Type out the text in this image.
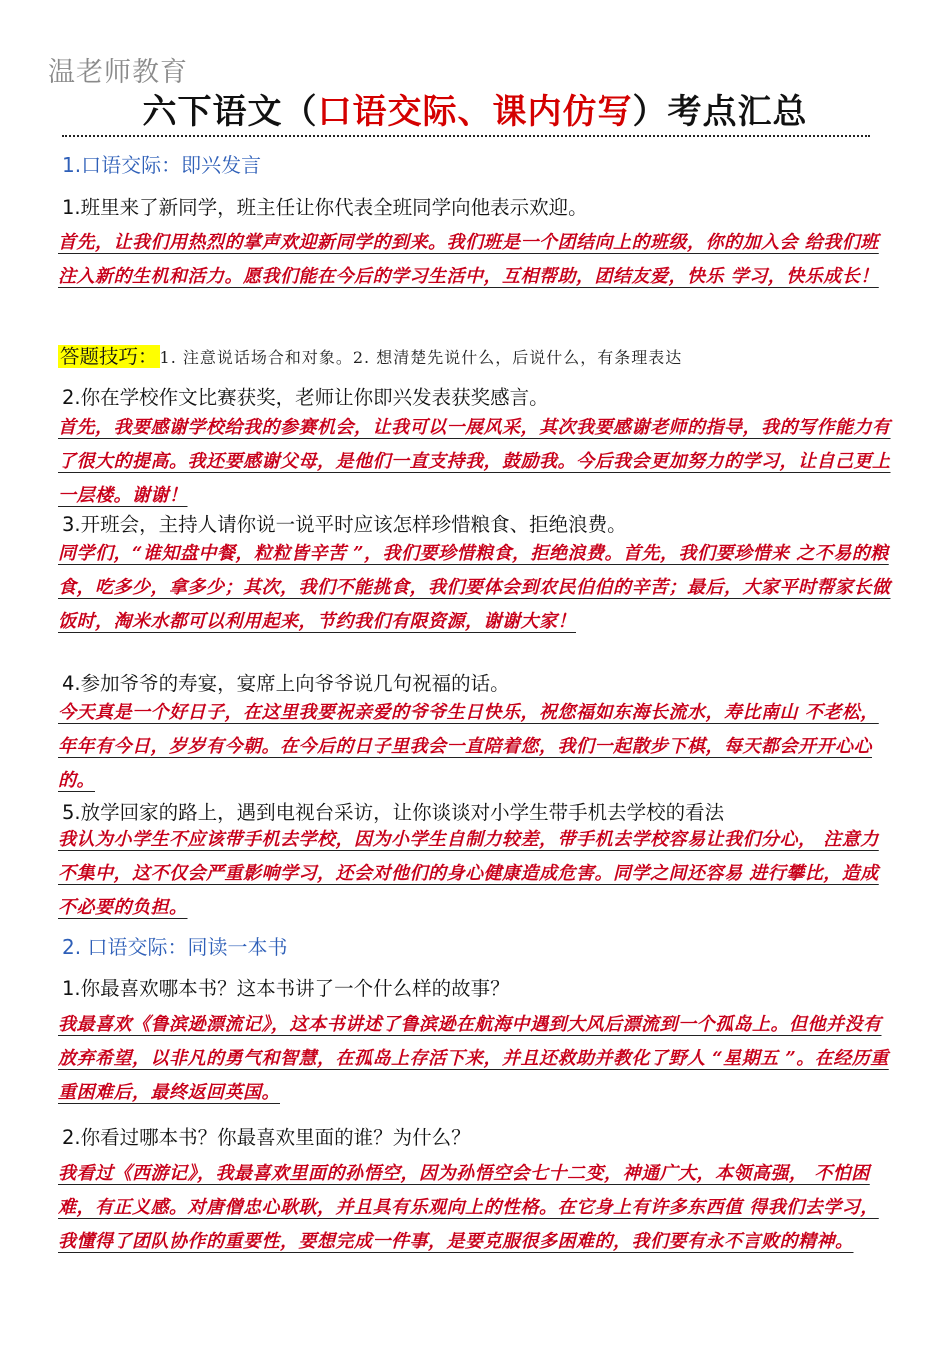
温老师教育
六下语文（口语交际、课内仿写）考点汇总
1.口语交际：即兴发言
1.班里来了新同学，班主任让你代表全班同学向他表示欢迎。
首先，让我们用热烈的掌声欢迎新同学的到来。我们班是一个团结向上的班级，你的加入会 给我们班注入新的生机和活力。愿我们能在今后的学习生活中，互相帮助，团结友爱，快乐 学习，快乐成长！
答题技巧： 1. 注意说话场合和对象。2. 想清楚先说什么，后说什么，有条理表达
2.你在学校作文比赛获奖，老师让你即兴发表获奖感言。
首先，我要感谢学校给我的参赛机会，让我可以一展风采，其次我要感谢老师的指导，我的写作能力有了很大的提高。我还要感谢父母，是他们一直支持我，鼓励我。今后我会更加努力的学习，让自己更上一层楼。谢谢！
3.开班会，主持人请你说一说平时应该怎样珍惜粮食、拒绝浪费。
同学们，“谁知盘中餐，粒粒皆辛苦 ”，我们要珍惜粮食，拒绝浪费。首先，我们要珍惜来 之不易的粮食，吃多少，拿多少；其次，我们不能挑食，我们要体会到农民伯伯的辛苦；最后，大家平时帮家长做饭时，淘米水都可以利用起来，节约我们有限资源，谢谢大家！
4.参加爷爷的寿宴，宴席上向爷爷说几句祝福的话。
今天真是一个好日子，在这里我要祝亲爱的爷爷生日快乐，祝您福如东海长流水，寿比南山 不老松，年年有今日，岁岁有今朝。在今后的日子里我会一直陪着您，我们一起散步下棋，每天都会开开心心的。
5.放学回家的路上，遇到电视台采访，让你谈谈对小学生带手机去学校的看法
我认为小学生不应该带手机去学校，因为小学生自制力较差，带手机去学校容易让我们分心， 注意力不集中，这不仅会严重影响学习，还会对他们的身心健康造成危害。同学之间还容易 进行攀比，造成不必要的负担。
2. 口语交际：同读一本书
1.你最喜欢哪本书？这本书讲了一个什么样的故事？
我最喜欢《鲁滨逊漂流记》，这本书讲述了鲁滨逊在航海中遇到大风后漂流到一个孤岛上。但他并没有放弃希望，以非凡的勇气和智慧，在孤岛上存活下来，并且还救助并教化了野人 “星期五 ”。在经历重重困难后，最终返回英国。
2.你看过哪本书？你最喜欢里面的谁？为什么？
我看过《西游记》，我最喜欢里面的孙悟空，因为孙悟空会七十二变，神通广大，本领高强， 不怕困难，有正义感。对唐僧忠心耿耿，并且具有乐观向上的性格。在它身上有许多东西值 得我们去学习，我懂得了团队协作的重要性，要想完成一件事，是要克服很多困难的，我们要有永不言败的精神。
